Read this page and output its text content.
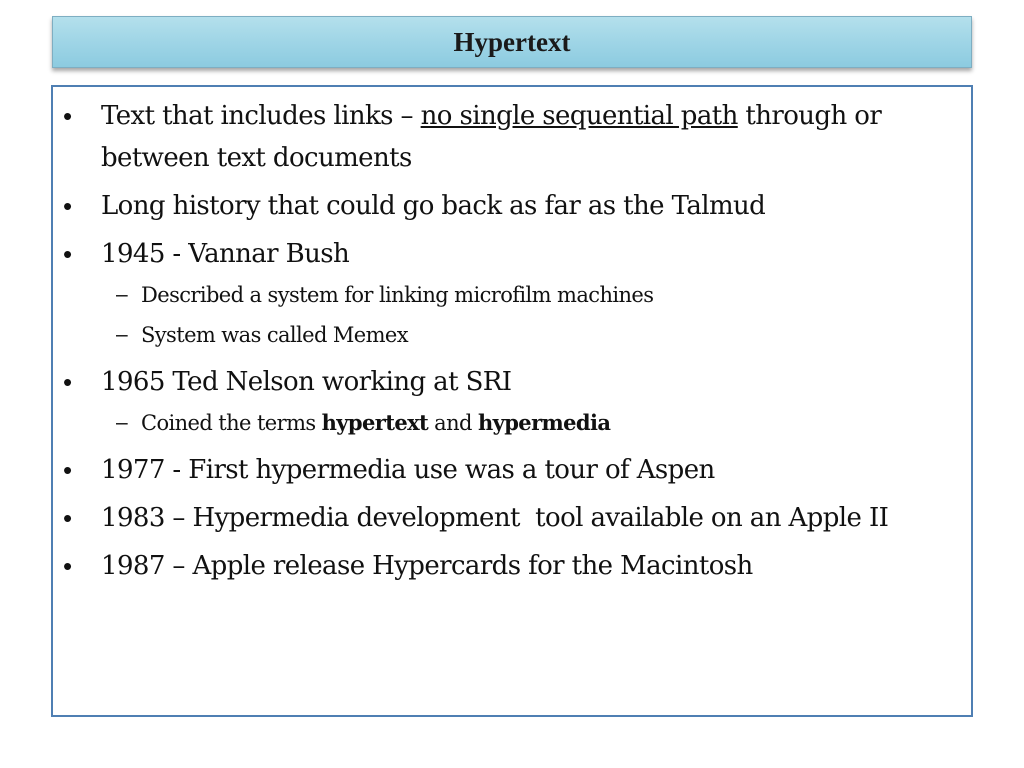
Hypertext
• Text that includes links – no single sequential path through or between text documents
• Long history that could go back as far as the Talmud
• 1945 - Vannar Bush
– Described a system for linking microfilm machines
– System was called Memex
• 1965 Ted Nelson working at SRI
– Coined the terms hypertext and hypermedia
• 1977 - First hypermedia use was a tour of Aspen
• 1983 – Hypermedia development  tool available on an Apple II
• 1987 – Apple release Hypercards for the Macintosh
